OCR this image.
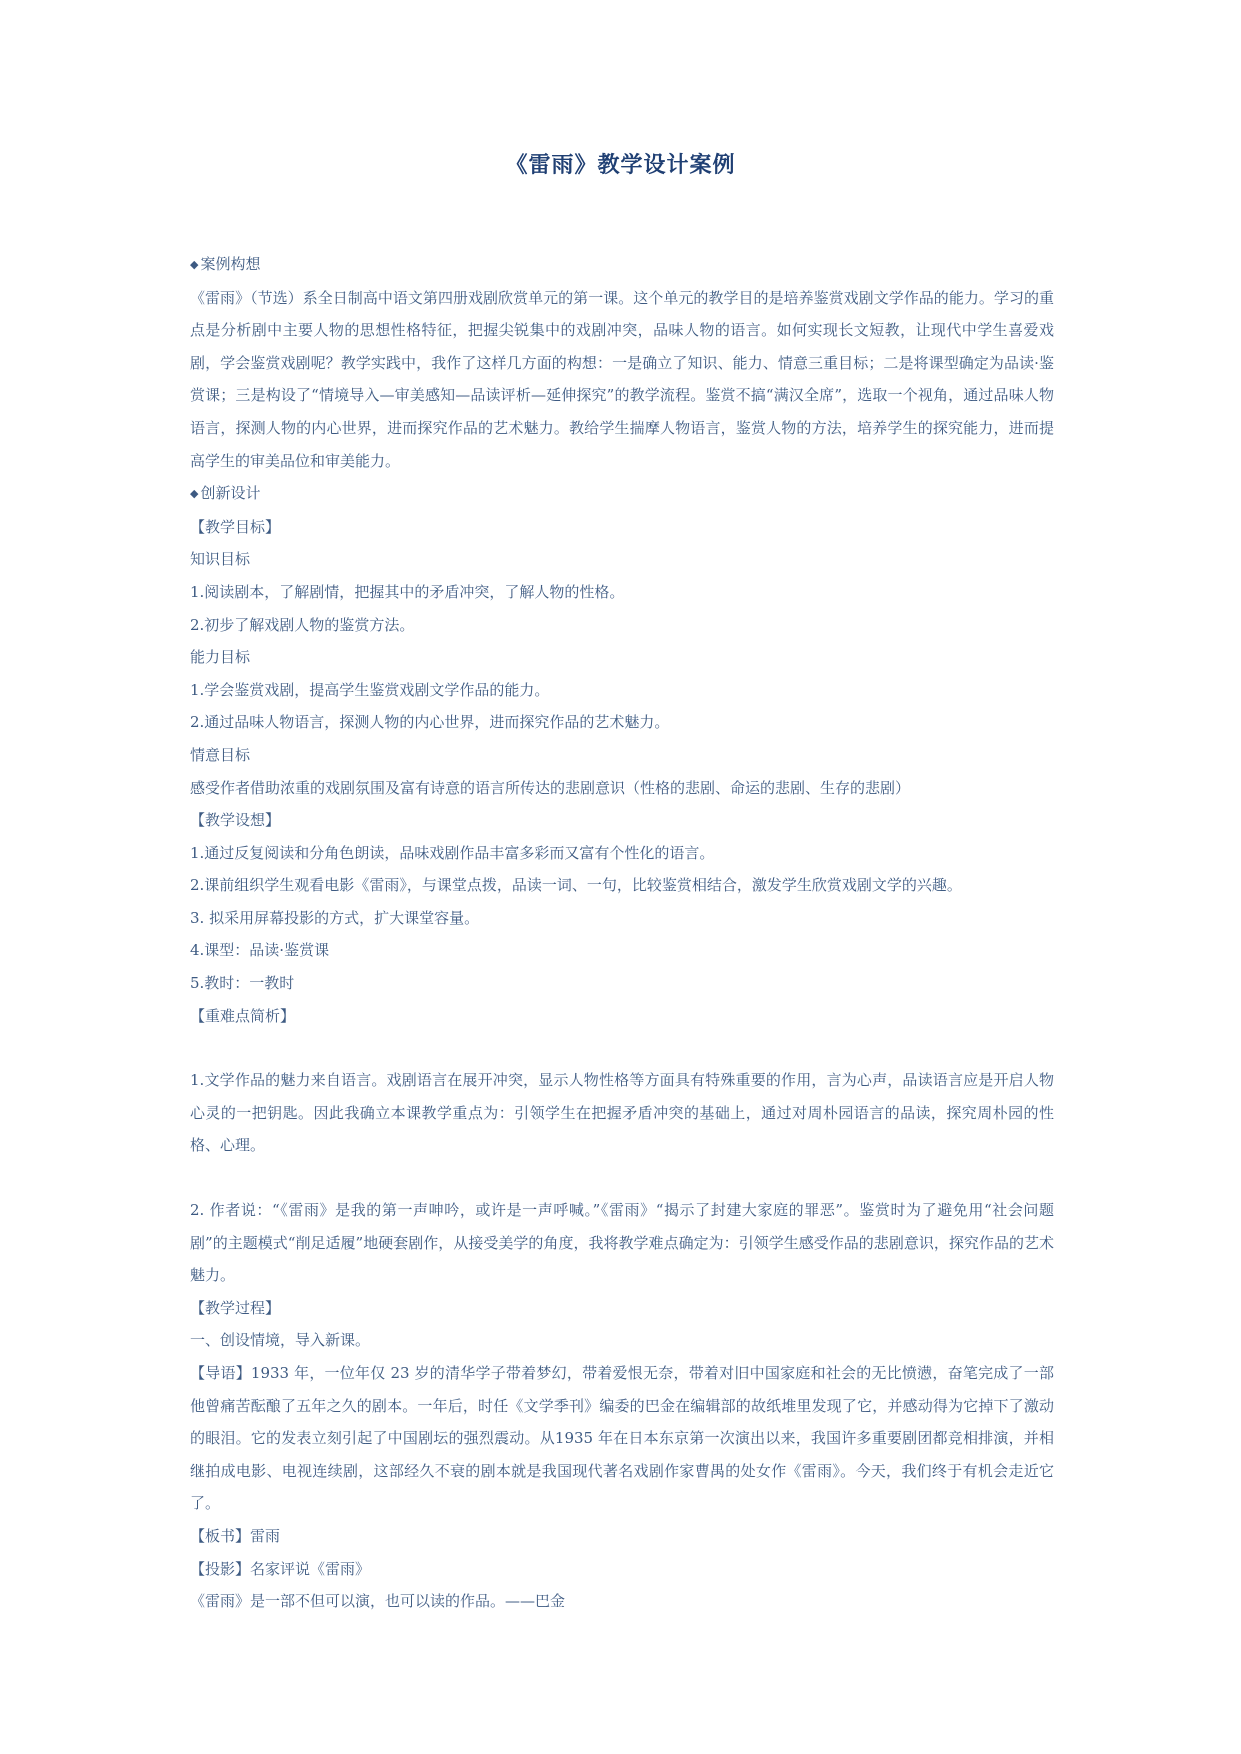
《雷雨》教学设计案例

◆ 案例构想

《雷雨》（节选）系全日制高中语文第四册戏剧欣赏单元的第一课。这个单元的教学目的是培养鉴赏戏剧文学作品的能力。学习的重点是分析剧中主要人物的思想性格特征，把握尖锐集中的戏剧冲突，品味人物的语言。如何实现长文短教，让现代中学生喜爱戏剧，学会鉴赏戏剧呢？教学实践中，我作了这样几方面的构想：一是确立了知识、能力、情意三重目标；二是将课型确定为品读·鉴赏课；三是构设了“情境导入—审美感知—品读评析—延伸探究”的教学流程。鉴赏不搞“满汉全席”，选取一个视角，通过品味人物语言，探测人物的内心世界，进而探究作品的艺术魅力。教给学生揣摩人物语言，鉴赏人物的方法，培养学生的探究能力，进而提高学生的审美品位和审美能力。

◆ 创新设计

【教学目标】

知识目标

1.阅读剧本，了解剧情，把握其中的矛盾冲突，了解人物的性格。

2.初步了解戏剧人物的鉴赏方法。

能力目标

1.学会鉴赏戏剧，提高学生鉴赏戏剧文学作品的能力。

2.通过品味人物语言，探测人物的内心世界，进而探究作品的艺术魅力。

情意目标

感受作者借助浓重的戏剧氛围及富有诗意的语言所传达的悲剧意识（性格的悲剧、命运的悲剧、生存的悲剧）

【教学设想】

1.通过反复阅读和分角色朗读，品味戏剧作品丰富多彩而又富有个性化的语言。

2.课前组织学生观看电影《雷雨》，与课堂点拨，品读一词、一句，比较鉴赏相结合，激发学生欣赏戏剧文学的兴趣。

3. 拟采用屏幕投影的方式，扩大课堂容量。

4.课型：品读·鉴赏课

5.教时：一教时

【重难点简析】

1.文学作品的魅力来自语言。戏剧语言在展开冲突，显示人物性格等方面具有特殊重要的作用，言为心声，品读语言应是开启人物心灵的一把钥匙。因此我确立本课教学重点为：引领学生在把握矛盾冲突的基础上，通过对周朴园语言的品读，探究周朴园的性格、心理。

2. 作者说：“《雷雨》是我的第一声呻吟，或许是一声呼喊。”《雷雨》“揭示了封建大家庭的罪恶”。鉴赏时为了避免用“社会问题剧”的主题模式“削足适履”地硬套剧作，从接受美学的角度，我将教学难点确定为：引领学生感受作品的悲剧意识，探究作品的艺术魅力。

【教学过程】

一、创设情境，导入新课。

【导语】1933 年，一位年仅 23 岁的清华学子带着梦幻，带着爱恨无奈，带着对旧中国家庭和社会的无比愤懑，奋笔完成了一部他曾痛苦酝酿了五年之久的剧本。一年后，时任《文学季刊》编委的巴金在编辑部的故纸堆里发现了它，并感动得为它掉下了激动的眼泪。它的发表立刻引起了中国剧坛的强烈震动。从1935 年在日本东京第一次演出以来，我国许多重要剧团都竞相排演，并相继拍成电影、电视连续剧，这部经久不衰的剧本就是我国现代著名戏剧作家曹禺的处女作《雷雨》。今天，我们终于有机会走近它了。

【板书】雷雨

【投影】名家评说《雷雨》

《雷雨》是一部不但可以演，也可以读的作品。——巴金
